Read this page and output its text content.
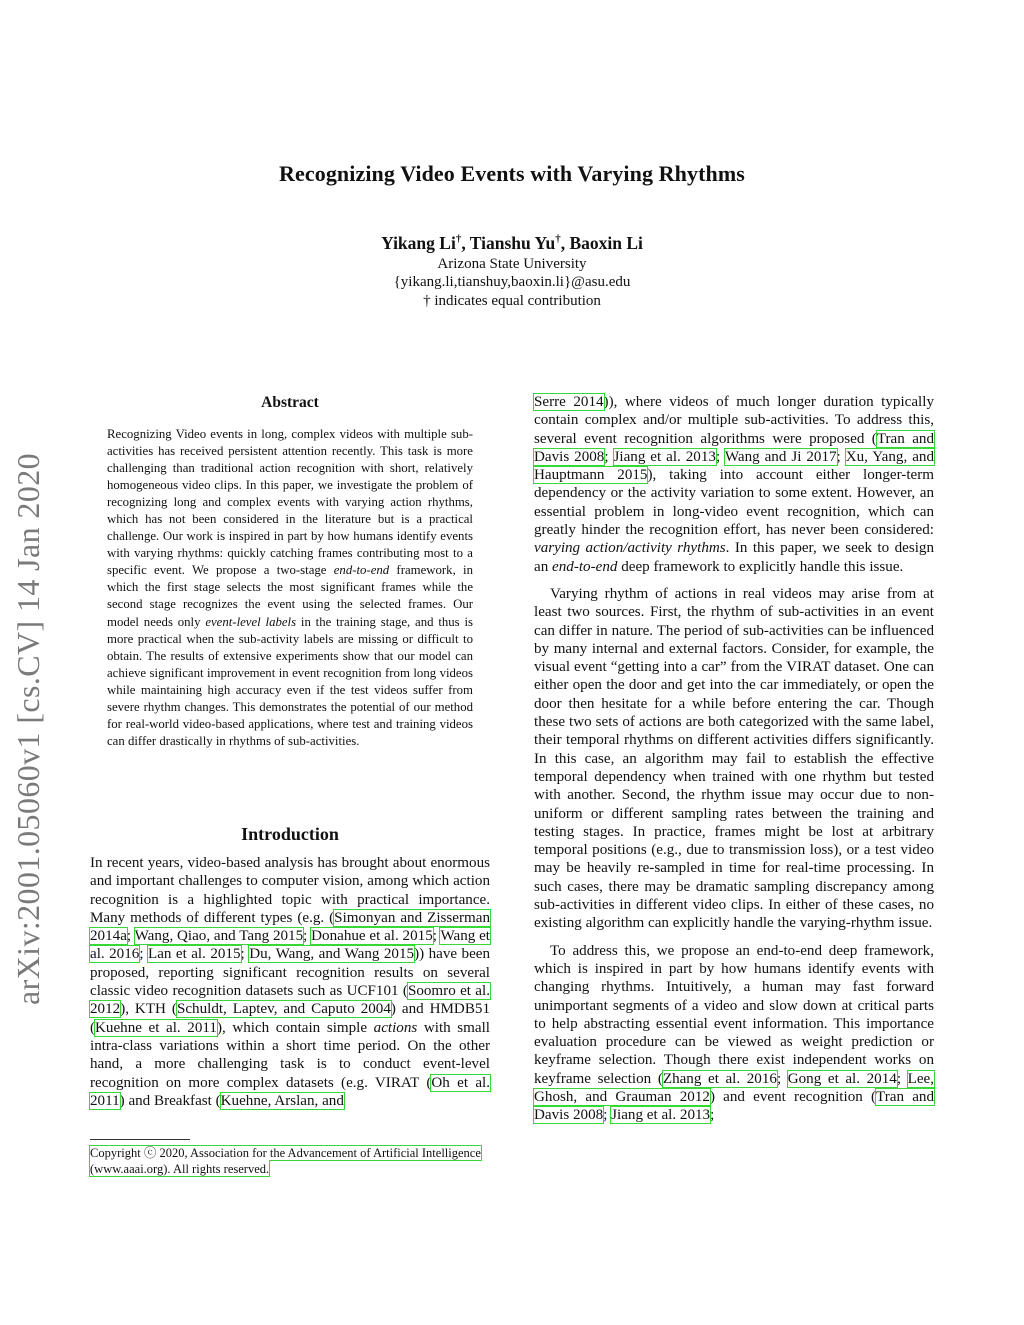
arXiv:2001.05060v1 [cs.CV] 14 Jan 2020
Recognizing Video Events with Varying Rhythms
Yikang Li†, Tianshu Yu†, Baoxin Li
Arizona State University
{yikang.li,tianshuy,baoxin.li}@asu.edu
† indicates equal contribution
Abstract
Recognizing Video events in long, complex videos with multiple sub-activities has received persistent attention recently. This task is more challenging than traditional action recognition with short, relatively homogeneous video clips. In this paper, we investigate the problem of recognizing long and complex events with varying action rhythms, which has not been considered in the literature but is a practical challenge. Our work is inspired in part by how humans identify events with varying rhythms: quickly catching frames contributing most to a specific event. We propose a two-stage end-to-end framework, in which the first stage selects the most significant frames while the second stage recognizes the event using the selected frames. Our model needs only event-level labels in the training stage, and thus is more practical when the sub-activity labels are missing or difficult to obtain. The results of extensive experiments show that our model can achieve significant improvement in event recognition from long videos while maintaining high accuracy even if the test videos suffer from severe rhythm changes. This demonstrates the potential of our method for real-world video-based applications, where test and training videos can differ drastically in rhythms of sub-activities.
Introduction

In recent years, video-based analysis has brought about enormous and important challenges to computer vision, among which action recognition is a highlighted topic with practical importance. Many methods of different types (e.g. (Simonyan and Zisserman 2014a; Wang, Qiao, and Tang 2015; Donahue et al. 2015; Wang et al. 2016; Lan et al. 2015; Du, Wang, and Wang 2015)) have been proposed, reporting significant recognition results on several classic video recognition datasets such as UCF101 (Soomro et al. 2012), KTH (Schuldt, Laptev, and Caputo 2004) and HMDB51 (Kuehne et al. 2011), which contain simple actions with small intra-class variations within a short time period. On the other hand, a more challenging task is to conduct event-level recognition on more complex datasets (e.g. VIRAT (Oh et al. 2011) and Breakfast (Kuehne, Arslan, and

Copyright ⓒ 2020, Association for the Advancement of Artificial Intelligence (www.aaai.org). All rights reserved.

Serre 2014)), where videos of much longer duration typically contain complex and/or multiple sub-activities. To address this, several event recognition algorithms were proposed (Tran and Davis 2008; Jiang et al. 2013; Wang and Ji 2017; Xu, Yang, and Hauptmann 2015), taking into account either longer-term dependency or the activity variation to some extent. However, an essential problem in long-video event recognition, which can greatly hinder the recognition effort, has never been considered: varying action/activity rhythms. In this paper, we seek to design an end-to-end deep framework to explicitly handle this issue.

Varying rhythm of actions in real videos may arise from at least two sources. First, the rhythm of sub-activities in an event can differ in nature. The period of sub-activities can be influenced by many internal and external factors. Consider, for example, the visual event “getting into a car” from the VIRAT dataset. One can either open the door and get into the car immediately, or open the door then hesitate for a while before entering the car. Though these two sets of actions are both categorized with the same label, their temporal rhythms on different activities differs significantly. In this case, an algorithm may fail to establish the effective temporal dependency when trained with one rhythm but tested with another. Second, the rhythm issue may occur due to non-uniform or different sampling rates between the training and testing stages. In practice, frames might be lost at arbitrary temporal positions (e.g., due to transmission loss), or a test video may be heavily re-sampled in time for real-time processing. In such cases, there may be dramatic sampling discrepancy among sub-activities in different video clips. In either of these cases, no existing algorithm can explicitly handle the varying-rhythm issue.

To address this, we propose an end-to-end deep framework, which is inspired in part by how humans identify events with changing rhythms. Intuitively, a human may fast forward unimportant segments of a video and slow down at critical parts to help abstracting essential event information. This importance evaluation procedure can be viewed as weight prediction or keyframe selection. Though there exist independent works on keyframe selection (Zhang et al. 2016; Gong et al. 2014; Lee, Ghosh, and Grauman 2012) and event recognition (Tran and Davis 2008; Jiang et al. 2013;
